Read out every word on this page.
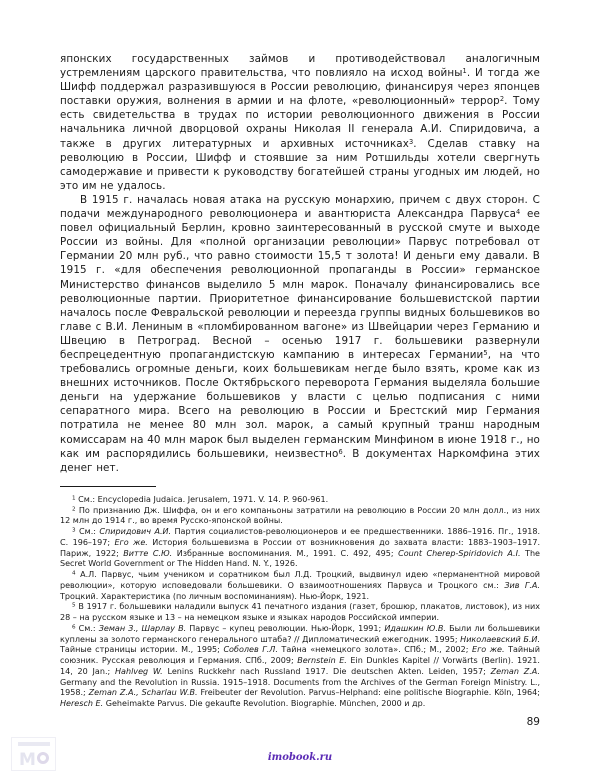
японских государственных займов и противодействовал аналогичным устремлениям царского правительства, что повлияло на исход войны$^1$. И тогда же Шифф поддержал разразившуюся в России революцию, финансируя через японцев поставки оружия, волнения в армии и на флоте, «революционный» террор$^2$. Тому есть свидетельства в трудах по истории революционного движения в России начальника личной дворцовой охраны Николая II генерала А.И. Спиридовича, а также в других литературных и архивных источниках$^3$. Сделав ставку на революцию в России, Шифф и стоявшие за ним Ротшильды хотели свергнуть самодержавие и привести к руководству богатейшей страны угодных им людей, но это им не удалось.

В 1915 г. началась новая атака на русскую монархию, причем с двух сторон. С подачи международного революционера и авантюриста Александра Парвуса$^4$ ее повел официальный Берлин, кровно заинтересованный в русской смуте и выходе России из войны. Для «полной организации революции» Парвус потребовал от Германии 20 млн руб., что равно стоимости 15,5 т золота! И деньги ему давали. В 1915 г. «для обеспечения революционной пропаганды в России» германское Министерство финансов выделило 5 млн марок. Поначалу финансировались все революционные партии. Приоритетное финансирование большевистской партии началось после Февральской революции и переезда группы видных большевиков во главе с В.И. Лениным в «пломбированном вагоне» из Швейцарии через Германию и Швецию в Петроград. Весной – осенью 1917 г. большевики развернули беспрецедентную пропагандистскую кампанию в интересах Германии$^5$, на что требовались огромные деньги, коих большевикам негде было взять, кроме как из внешних источников. После Октябрьского переворота Германия выделяла большие деньги на удержание большевиков у власти с целью подписания с ними сепаратного мира. Всего на революцию в России и Брестский мир Германия потратила не менее 80 млн зол. марок, а самый крупный транш народным комиссарам на 40 млн марок был выделен германским Минфином в июне 1918 г., но как им распорядились большевики, неизвестно$^6$. В документах Наркомфина этих денег нет.

$^1$ См.: Encyclopedia Judaica. Jerusalem, 1971. V. 14. P. 960-961.

$^2$ По признанию Дж. Шиффа, он и его компаньоны затратили на революцию в России 20 млн долл., из них 12 млн до 1914 г., во время Русско-японской войны.

$^3$ См.: Спиридович А.И. Партия социалистов-революционеров и ее предшественники. 1886–1916. Пг., 1918. С. 196–197; Его же. История большевизма в России от возникновения до захвата власти: 1883–1903–1917. Париж, 1922; Витте С.Ю. Избранные воспоминания. М., 1991. С. 492, 495; Count Cherep-Spiridovich A.I. The Secret World Government or The Hidden Hand. N. Y., 1926.

$^4$ А.Л. Парвус, чьим учеником и соратником был Л.Д. Троцкий, выдвинул идею «перманентной мировой революции», которую исповедовали большевики. О взаимоотношениях Парвуса и Троцкого см.: Зив Г.А. Троцкий. Характеристика (по личным воспоминаниям). Нью-Йорк, 1921.

$^5$ В 1917 г. большевики наладили выпуск 41 печатного издания (газет, брошюр, плакатов, листовок), из них 28 – на русском языке и 13 – на немецком языке и языках народов Российской империи.

$^6$ См.: Земан З., Шарлау В. Парвус – купец революции. Нью-Йорк, 1991; Идашкин Ю.В. Были ли большевики куплены за золото германского генерального штаба? // Дипломатический ежегодник. 1995; Николаевский Б.И. Тайные страницы истории. М., 1995; Соболев Г.Л. Тайна «немецкого золота». СПб.; М., 2002; Его же. Тайный союзник. Русская революция и Германия. СПб., 2009; Bernstein E. Ein Dunkles Kapitel // Vorwärts (Berlin). 1921. 14, 20 Jan.; Hahlveg W. Lenins Ruckkehr nach Russland 1917. Die deutschen Akten. Leiden, 1957; Zeman Z.A. Germany and the Revolution in Russia. 1915–1918. Documents from the Archives of the German Foreign Ministry. L., 1958.; Zeman Z.A., Scharlau W.B. Freibeuter der Revolution. Parvus–Helphand: eine politische Biographie. Köln, 1964; Heresch E. Geheimakte Parvus. Die gekaufte Revolution. Biographie. München, 2000 и др.

89
M	imobook.ru
